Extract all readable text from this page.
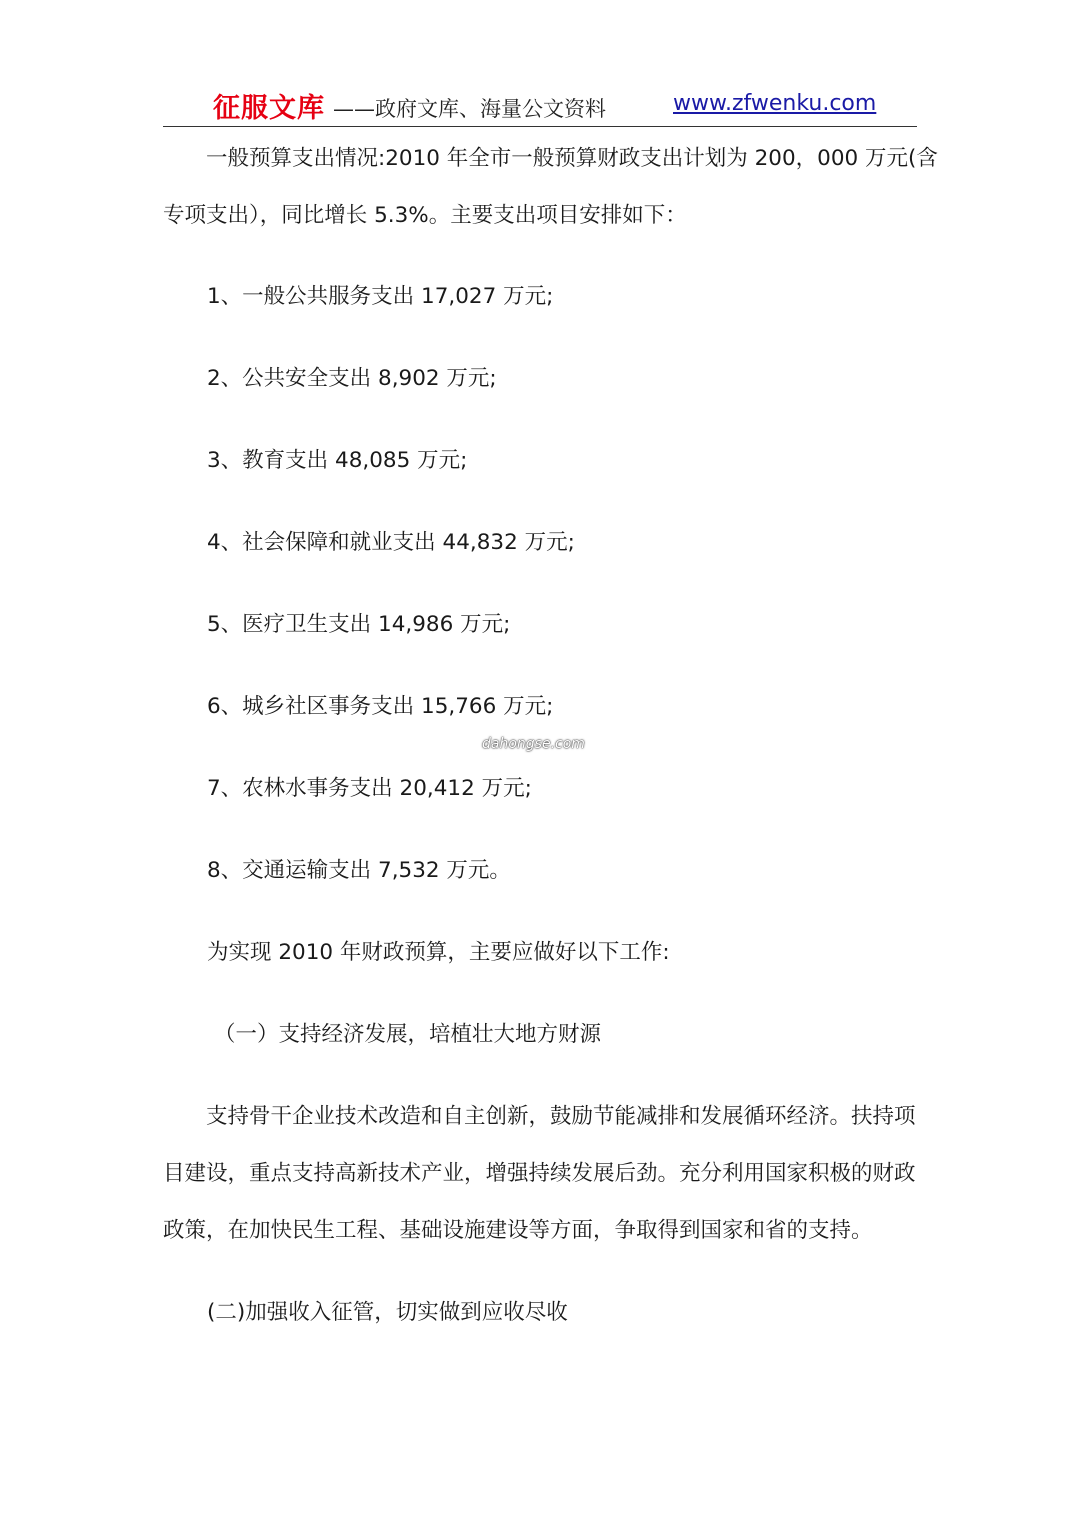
征服文库 ——政府文库、海量公文资料	www.zfwenku.com

一般预算支出情况:2010 年全市一般预算财政支出计划为 200，000 万元(含

专项支出），同比增长 5.3%。主要支出项目安排如下：

1、一般公共服务支出 17,027 万元;

2、公共安全支出 8,902 万元;

3、教育支出 48,085 万元;

4、社会保障和就业支出 44,832 万元;

5、医疗卫生支出 14,986 万元;

6、城乡社区事务支出 15,766 万元;

7、农林水事务支出 20,412 万元;

8、交通运输支出 7,532 万元。

dahongse.com

为实现 2010 年财政预算，主要应做好以下工作:

（一）支持经济发展，培植壮大地方财源

支持骨干企业技术改造和自主创新，鼓励节能减排和发展循环经济。扶持项

目建设，重点支持高新技术产业，增强持续发展后劲。充分利用国家积极的财政

政策，在加快民生工程、基础设施建设等方面，争取得到国家和省的支持。

(二)加强收入征管，切实做到应收尽收
